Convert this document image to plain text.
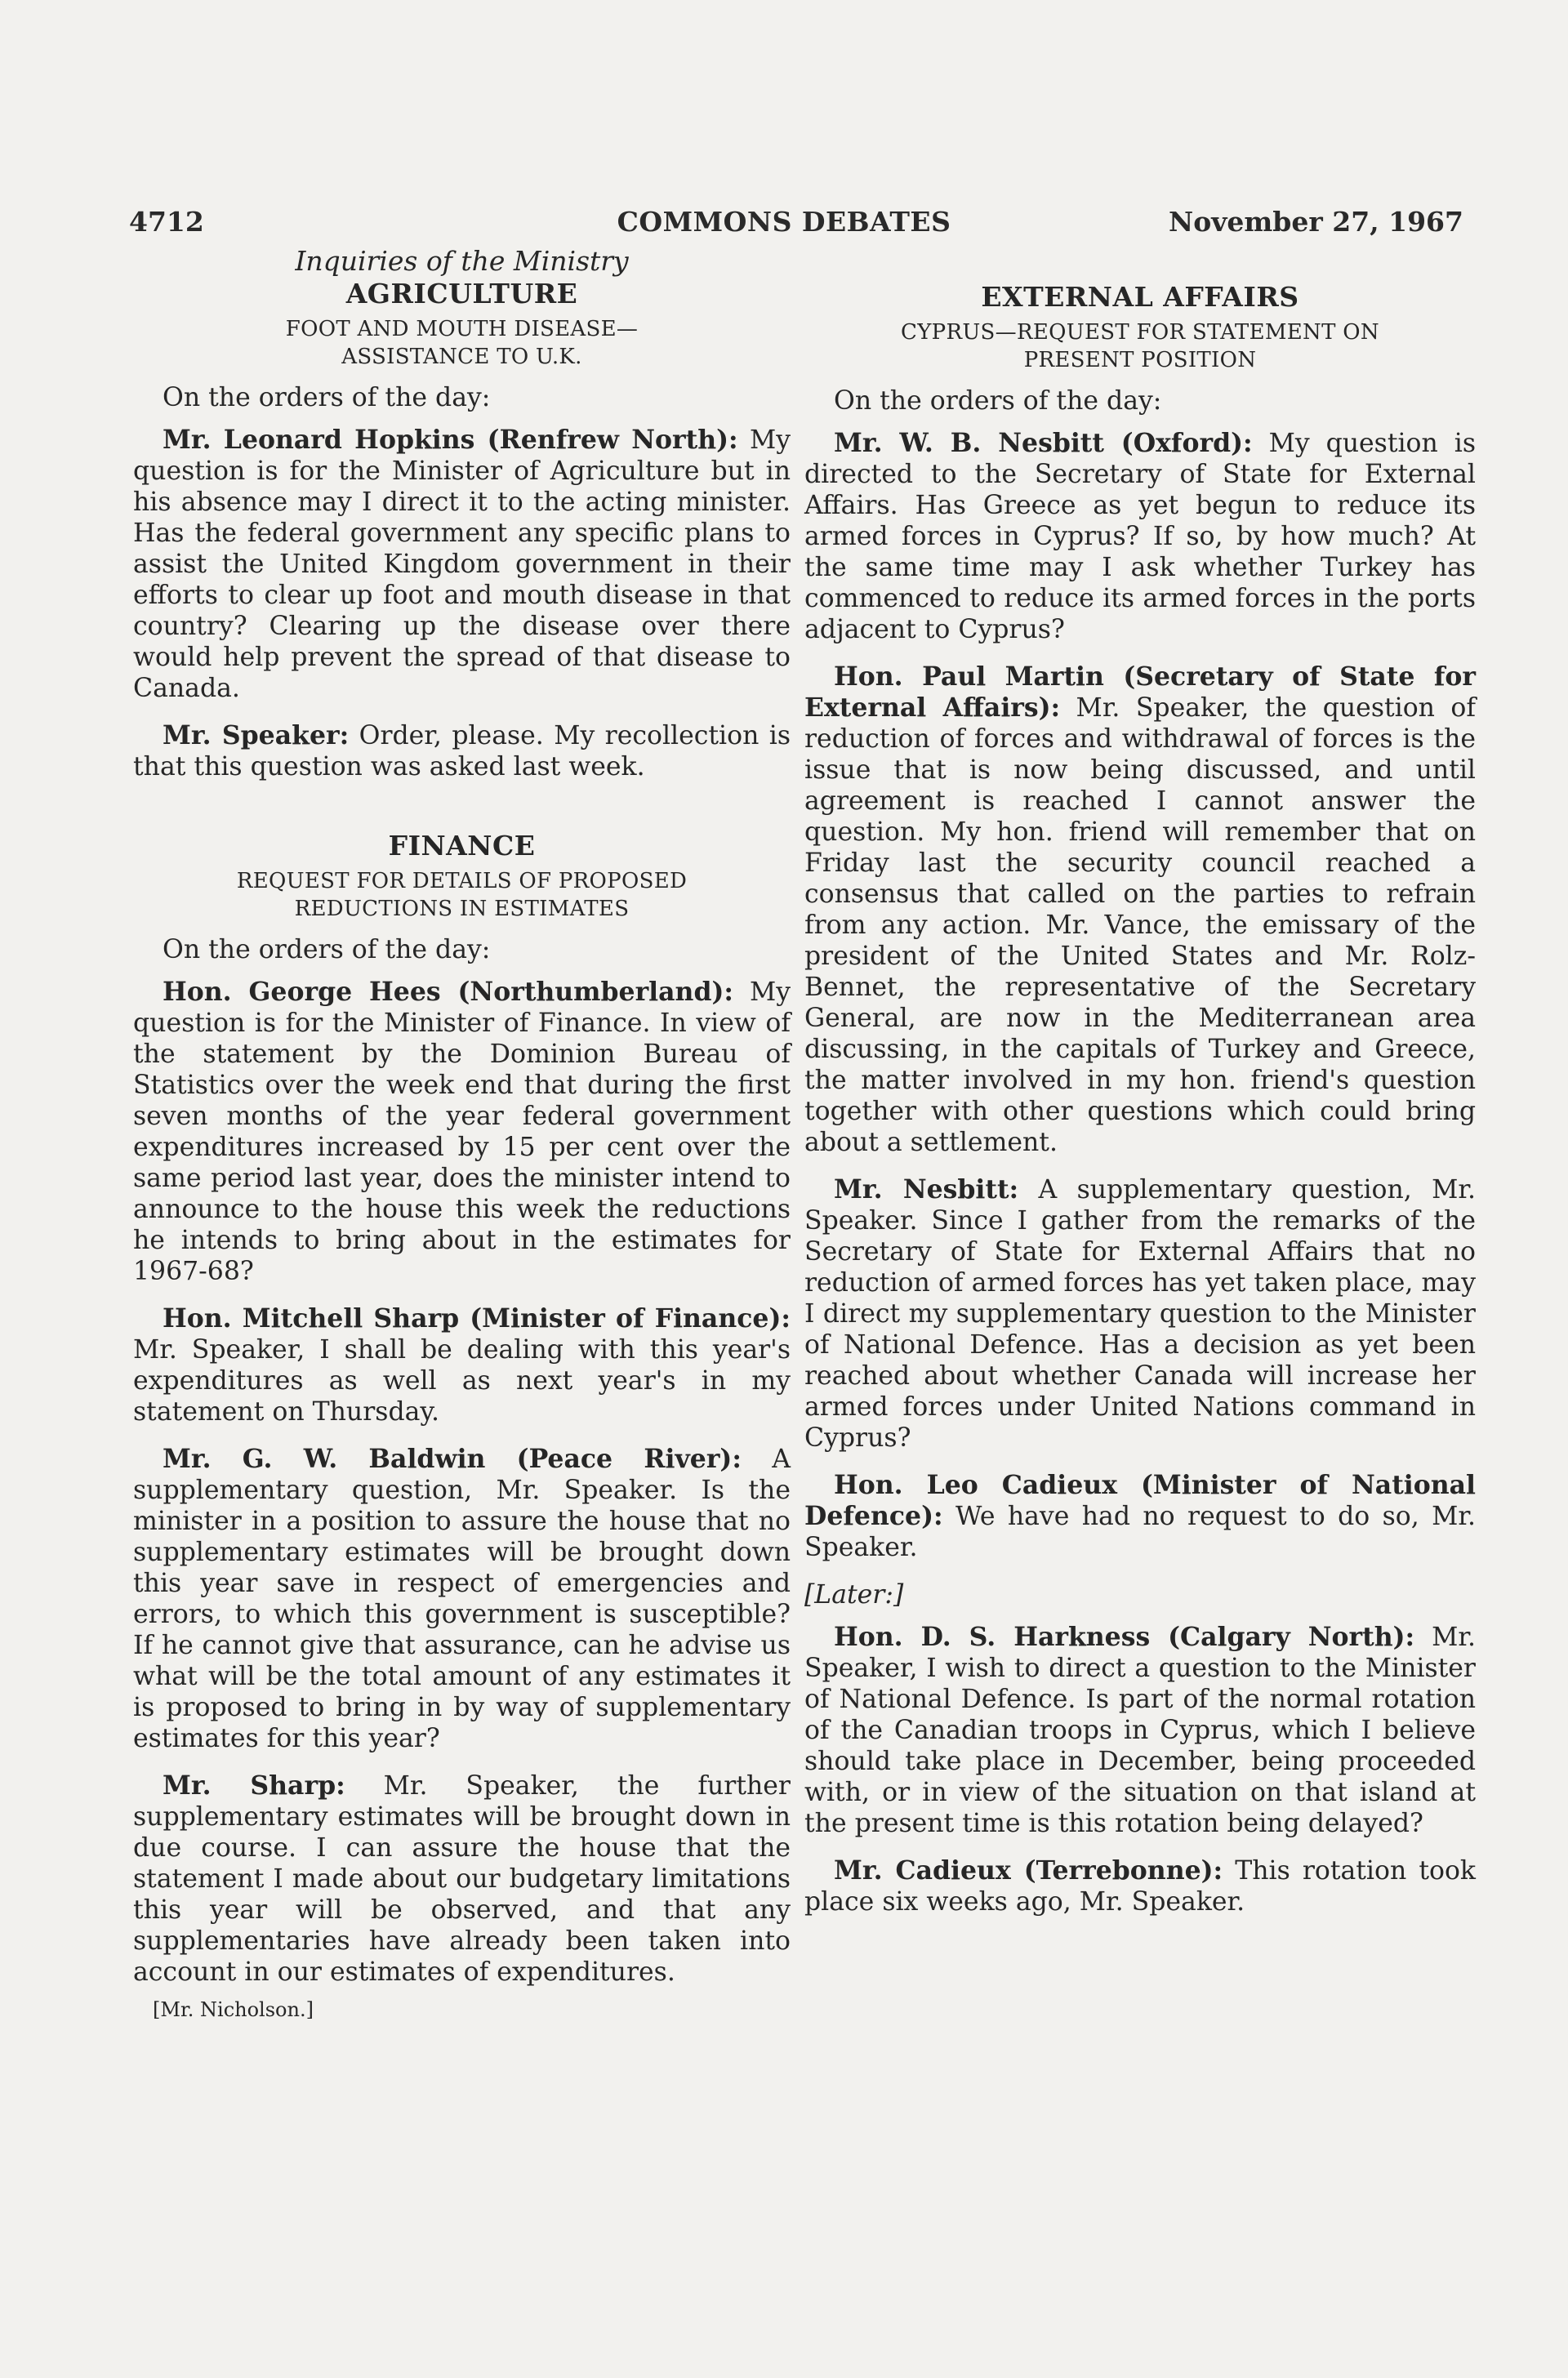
4712	COMMONS DEBATES	November 27, 1967
Inquiries of the Ministry
AGRICULTURE
FOOT AND MOUTH DISEASE—
ASSISTANCE TO U.K.

On the orders of the day:

Mr. Leonard Hopkins (Renfrew North): My question is for the Minister of Agriculture but in his absence may I direct it to the acting minister. Has the federal government any specific plans to assist the United Kingdom government in their efforts to clear up foot and mouth disease in that country? Clearing up the disease over there would help prevent the spread of that disease to Canada.

Mr. Speaker: Order, please. My recollection is that this question was asked last week.

FINANCE
REQUEST FOR DETAILS OF PROPOSED
REDUCTIONS IN ESTIMATES

On the orders of the day:

Hon. George Hees (Northumberland): My question is for the Minister of Finance. In view of the statement by the Dominion Bureau of Statistics over the week end that during the first seven months of the year federal government expenditures increased by 15 per cent over the same period last year, does the minister intend to announce to the house this week the reductions he intends to bring about in the estimates for 1967-68?

Hon. Mitchell Sharp (Minister of Finance): Mr. Speaker, I shall be dealing with this year's expenditures as well as next year's in my statement on Thursday.

Mr. G. W. Baldwin (Peace River): A supplementary question, Mr. Speaker. Is the minister in a position to assure the house that no supplementary estimates will be brought down this year save in respect of emergencies and errors, to which this government is susceptible? If he cannot give that assurance, can he advise us what will be the total amount of any estimates it is proposed to bring in by way of supplementary estimates for this year?

Mr. Sharp: Mr. Speaker, the further supplementary estimates will be brought down in due course. I can assure the house that the statement I made about our budgetary limitations this year will be observed, and that any supplementaries have already been taken into account in our estimates of expenditures.

[Mr. Nicholson.]

EXTERNAL AFFAIRS
CYPRUS—REQUEST FOR STATEMENT ON
PRESENT POSITION

On the orders of the day:

Mr. W. B. Nesbitt (Oxford): My question is directed to the Secretary of State for External Affairs. Has Greece as yet begun to reduce its armed forces in Cyprus? If so, by how much? At the same time may I ask whether Turkey has commenced to reduce its armed forces in the ports adjacent to Cyprus?

Hon. Paul Martin (Secretary of State for External Affairs): Mr. Speaker, the question of reduction of forces and withdrawal of forces is the issue that is now being discussed, and until agreement is reached I cannot answer the question. My hon. friend will remember that on Friday last the security council reached a consensus that called on the parties to refrain from any action. Mr. Vance, the emissary of the president of the United States and Mr. Rolz-Bennet, the representative of the Secretary General, are now in the Mediterranean area discussing, in the capitals of Turkey and Greece, the matter involved in my hon. friend's question together with other questions which could bring about a settlement.

Mr. Nesbitt: A supplementary question, Mr. Speaker. Since I gather from the remarks of the Secretary of State for External Affairs that no reduction of armed forces has yet taken place, may I direct my supplementary question to the Minister of National Defence. Has a decision as yet been reached about whether Canada will increase her armed forces under United Nations command in Cyprus?

Hon. Leo Cadieux (Minister of National Defence): We have had no request to do so, Mr. Speaker.

[Later:]

Hon. D. S. Harkness (Calgary North): Mr. Speaker, I wish to direct a question to the Minister of National Defence. Is part of the normal rotation of the Canadian troops in Cyprus, which I believe should take place in December, being proceeded with, or in view of the situation on that island at the present time is this rotation being delayed?

Mr. Cadieux (Terrebonne): This rotation took place six weeks ago, Mr. Speaker.
